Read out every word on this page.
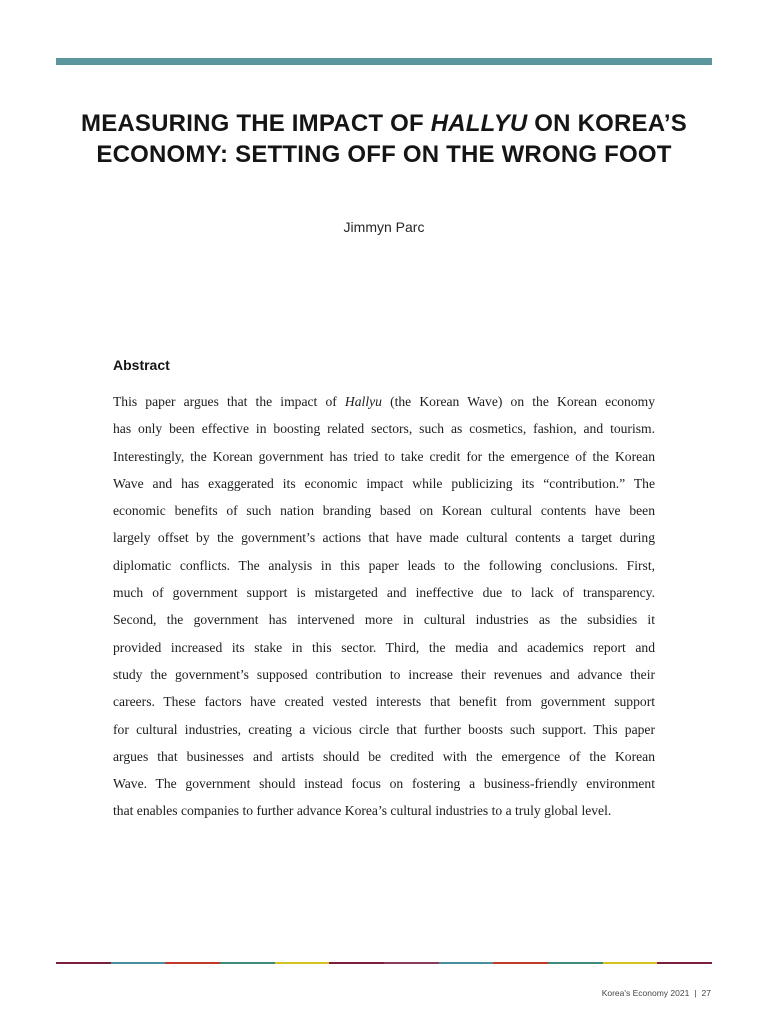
MEASURING THE IMPACT OF HALLYU ON KOREA’S ECONOMY: SETTING OFF ON THE WRONG FOOT
Jimmyn Parc
Abstract
This paper argues that the impact of Hallyu (the Korean Wave) on the Korean economy
has only been effective in boosting related sectors, such as cosmetics, fashion, and tourism.
Interestingly, the Korean government has tried to take credit for the emergence of the Korean
Wave and has exaggerated its economic impact while publicizing its “contribution.” The
economic benefits of such nation branding based on Korean cultural contents have been
largely offset by the government’s actions that have made cultural contents a target during
diplomatic conflicts. The analysis in this paper leads to the following conclusions. First,
much of government support is mistargeted and ineffective due to lack of transparency.
Second, the government has intervened more in cultural industries as the subsidies it
provided increased its stake in this sector. Third, the media and academics report and
study the government’s supposed contribution to increase their revenues and advance their
careers. These factors have created vested interests that benefit from government support
for cultural industries, creating a vicious circle that further boosts such support. This paper
argues that businesses and artists should be credited with the emergence of the Korean
Wave. The government should instead focus on fostering a business-friendly environment
that enables companies to further advance Korea’s cultural industries to a truly global level.
Korea's Economy 2021 | 27
